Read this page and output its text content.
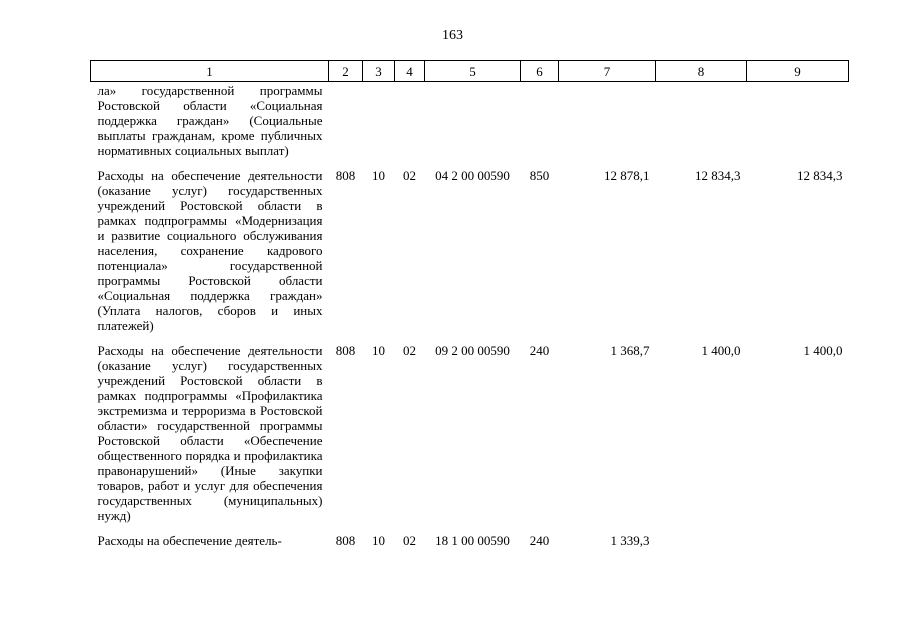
163
1	2	3	4	5	6	7	8	9
ла» государственной программы Ростовской области «Социальная поддержка граждан» (Социальные выплаты гражданам, кроме публичных нормативных социальных выплат)								
Расходы на обеспечение деятельности (оказание услуг) государственных учреждений Ростовской области в рамках подпрограммы «Модернизация и развитие социального обслуживания населения, сохранение кадрового потенциала» государственной программы Ростовской области «Социальная поддержка граждан» (Уплата налогов, сборов и иных платежей)	808	10	02	04 2 00 00590	850	12 878,1	12 834,3	12 834,3
Расходы на обеспечение деятельности (оказание услуг) государственных учреждений Ростовской области в рамках подпрограммы «Профилактика экстремизма и терроризма в Ростовской области» государственной программы Ростовской области «Обеспечение общественного порядка и профилактика правонарушений» (Иные закупки товаров, работ и услуг для обеспечения государственных (муниципальных) нужд)	808	10	02	09 2 00 00590	240	1 368,7	1 400,0	1 400,0
Расходы на обеспечение деятель-	808	10	02	18 1 00 00590	240	1 339,3		
